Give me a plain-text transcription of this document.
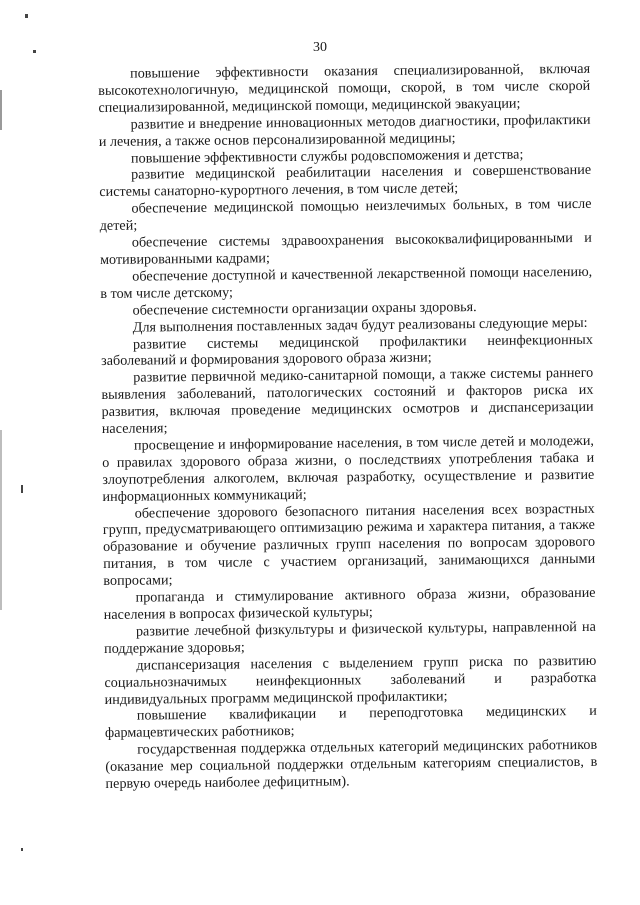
30

повышение эффективности оказания специализированной, включая высокотехнологичную, медицинской помощи, скорой, в том числе скорой специализированной, медицинской помощи, медицинской эвакуации;

развитие и внедрение инновационных методов диагностики, профилактики и лечения, а также основ персонализированной медицины;

повышение эффективности службы родовспоможения и детства;

развитие медицинской реабилитации населения и совершенствование системы санаторно-курортного лечения, в том числе детей;

обеспечение медицинской помощью неизлечимых больных, в том числе детей;

обеспечение системы здравоохранения высококвалифицированными и мотивированными кадрами;

обеспечение доступной и качественной лекарственной помощи населению, в том числе детскому;

обеспечение системности организации охраны здоровья.

Для выполнения поставленных задач будут реализованы следующие меры:

развитие системы медицинской профилактики неинфекционных заболеваний и формирования здорового образа жизни;

развитие первичной медико-санитарной помощи, а также системы раннего выявления заболеваний, патологических состояний и факторов риска их развития, включая проведение медицинских осмотров и диспансеризации населения;

просвещение и информирование населения, в том числе детей и молодежи, о правилах здорового образа жизни, о последствиях употребления табака и злоупотребления алкоголем, включая разработку, осуществление и развитие информационных коммуникаций;

обеспечение здорового безопасного питания населения всех возрастных групп, предусматривающего оптимизацию режима и характера питания, а также образование и обучение различных групп населения по вопросам здорового питания, в том числе с участием организаций, занимающихся данными вопросами;

пропаганда и стимулирование активного образа жизни, образование населения в вопросах физической культуры;

развитие лечебной физкультуры и физической культуры, направленной на поддержание здоровья;

диспансеризация населения с выделением групп риска по развитию социальнозначимых неинфекционных заболеваний и разработка индивидуальных программ медицинской профилактики;

повышение квалификации и переподготовка медицинских и фармацевтических работников;

государственная поддержка отдельных категорий медицинских работников (оказание мер социальной поддержки отдельным категориям специалистов, в первую очередь наиболее дефицитным).
